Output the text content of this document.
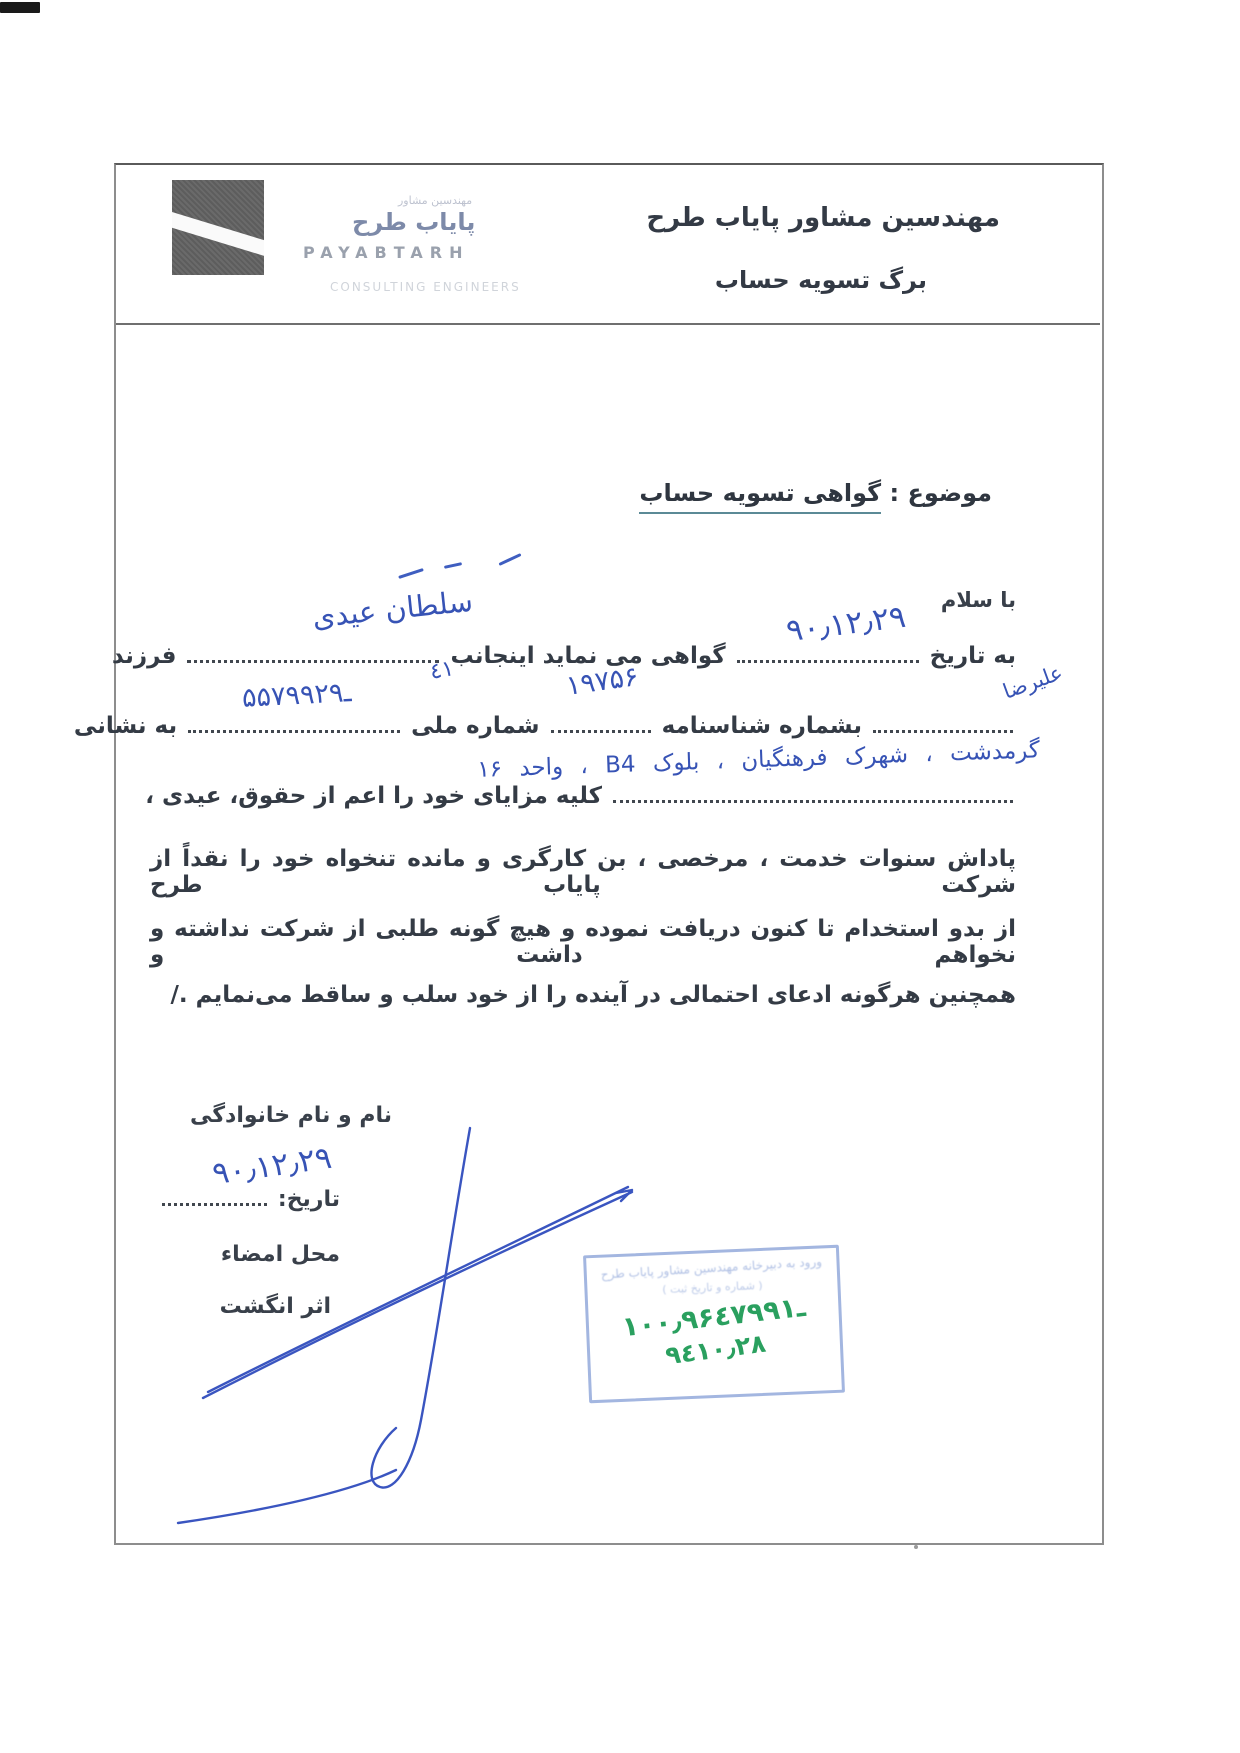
مهندسین مشاور پایاب طرح
برگ تسویه حساب
مهندسین مشاور
پایاب طرح
PAYABTARH
CONSULTING ENGINEERS
موضوع : گواهی تسویه حساب
با سلام
به تاریخ  گواهی می نماید اینجانب  فرزند
بشماره شناسنامه  شماره ملی  به نشانی
کلیه مزایای خود را اعم از حقوق، عیدی ،
پاداش سنوات خدمت ، مرخصی ، بن کارگری و مانده تنخواه خود را نقداً از شرکت پایاب طرح
از بدو استخدام تا کنون دریافت نموده و هیچ گونه طلبی از شرکت نداشته و نخواهم داشت و
همچنین هرگونه ادعای احتمالی در آینده را از خود سلب و ساقط می‌نمایم ./
۹۰٫۱۲٫۲۹
سلطان عیدی
علیرضا
۱۹۷۵۶
ـ۵۵۷۹۹۲۹
٤١
گرمدشت ، شهرک فرهنگیان ، بلوک B4 ، واحد ۱۶
۹۰٫۱۲٫۲۹
نام و نام خانوادگی
تاریخ:
محل امضاء
اثر انگشت
ورود به دبیرخانه مهندسین مشاور پایاب طرح
( شماره و تاریخ ثبت )
۱۰۰٫۹۶ـ٤۷۹۹۱
۹٤۱۰٫۲۸
